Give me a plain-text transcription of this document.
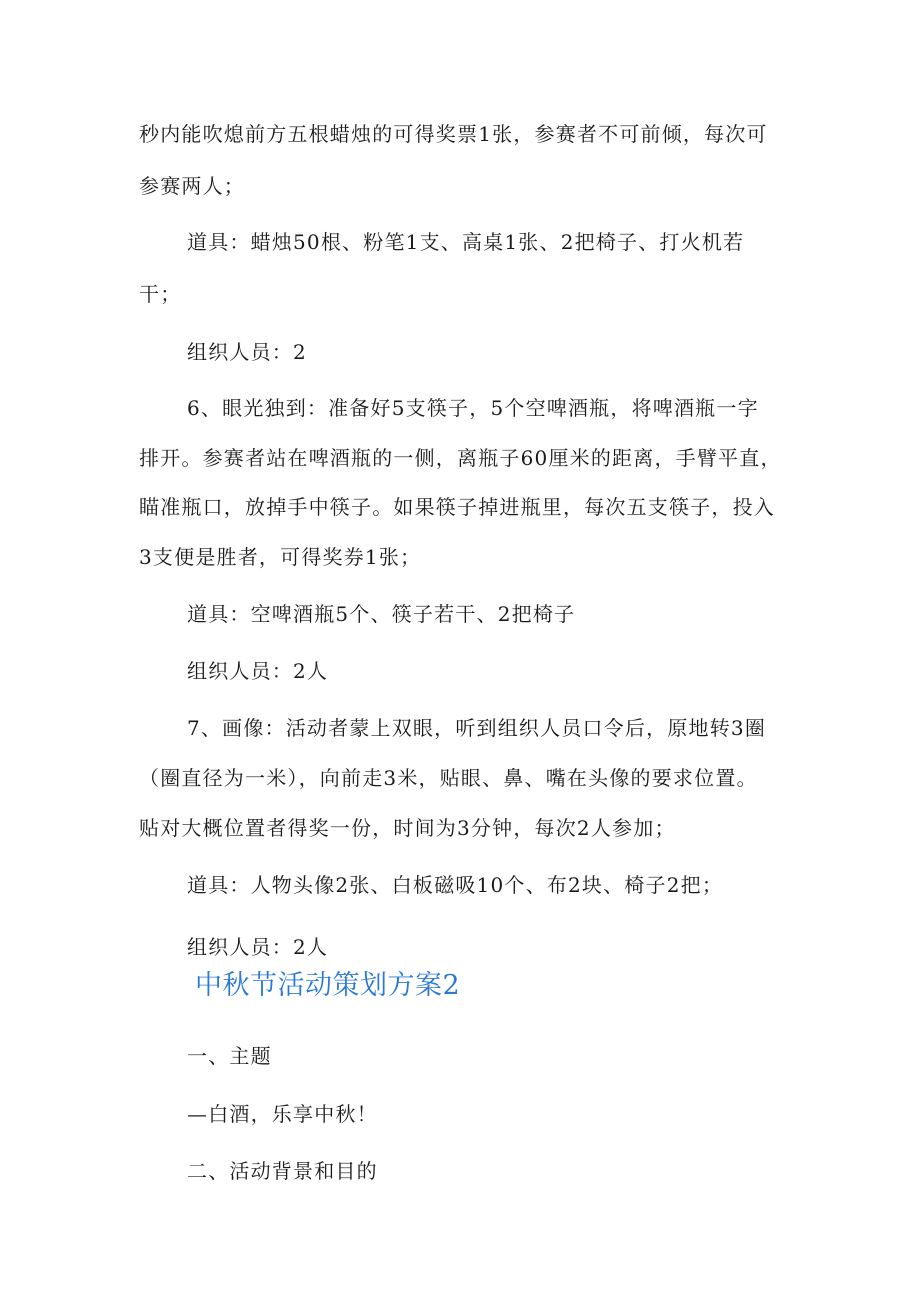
秒内能吹熄前方五根蜡烛的可得奖票1张，参赛者不可前倾，每次可
参赛两人；
道具：蜡烛50根、粉笔1支、高桌1张、2把椅子、打火机若
干；
组织人员：2
6、眼光独到：准备好5支筷子，5个空啤酒瓶，将啤酒瓶一字
排开。参赛者站在啤酒瓶的一侧，离瓶子60厘米的距离，手臂平直，
瞄准瓶口，放掉手中筷子。如果筷子掉进瓶里，每次五支筷子，投入
3支便是胜者，可得奖券1张；
道具：空啤酒瓶5个、筷子若干、2把椅子
组织人员：2人
7、画像：活动者蒙上双眼，听到组织人员口令后，原地转3圈
（圈直径为一米），向前走3米，贴眼、鼻、嘴在头像的要求位置。
贴对大概位置者得奖一份，时间为3分钟，每次2人参加；
道具：人物头像2张、白板磁吸10个、布2块、椅子2把；
组织人员：2人
中秋节活动策划方案2
一、主题
—白酒，乐享中秋！
二、活动背景和目的
